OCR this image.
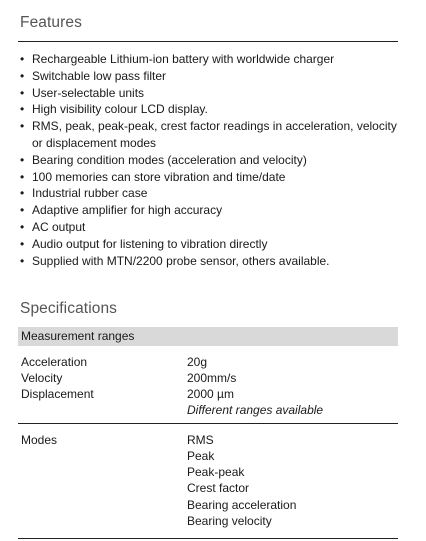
Features
• Rechargeable Lithium-ion battery with worldwide charger
• Switchable low pass filter
• User-selectable units
• High visibility colour LCD display.
• RMS, peak, peak-peak, crest factor readings in acceleration, velocity or displacement modes
• Bearing condition modes (acceleration and velocity)
• 100 memories can store vibration and time/date
• Industrial rubber case
• Adaptive amplifier for high accuracy
• AC output
• Audio output for listening to vibration directly
• Supplied with MTN/2200 probe sensor, others available.
Specifications
Measurement ranges
Acceleration	20g
Velocity	200mm/s
Displacement	2000 µm
Different ranges available
Modes	RMS
Peak
Peak-peak
Crest factor
Bearing acceleration
Bearing velocity
